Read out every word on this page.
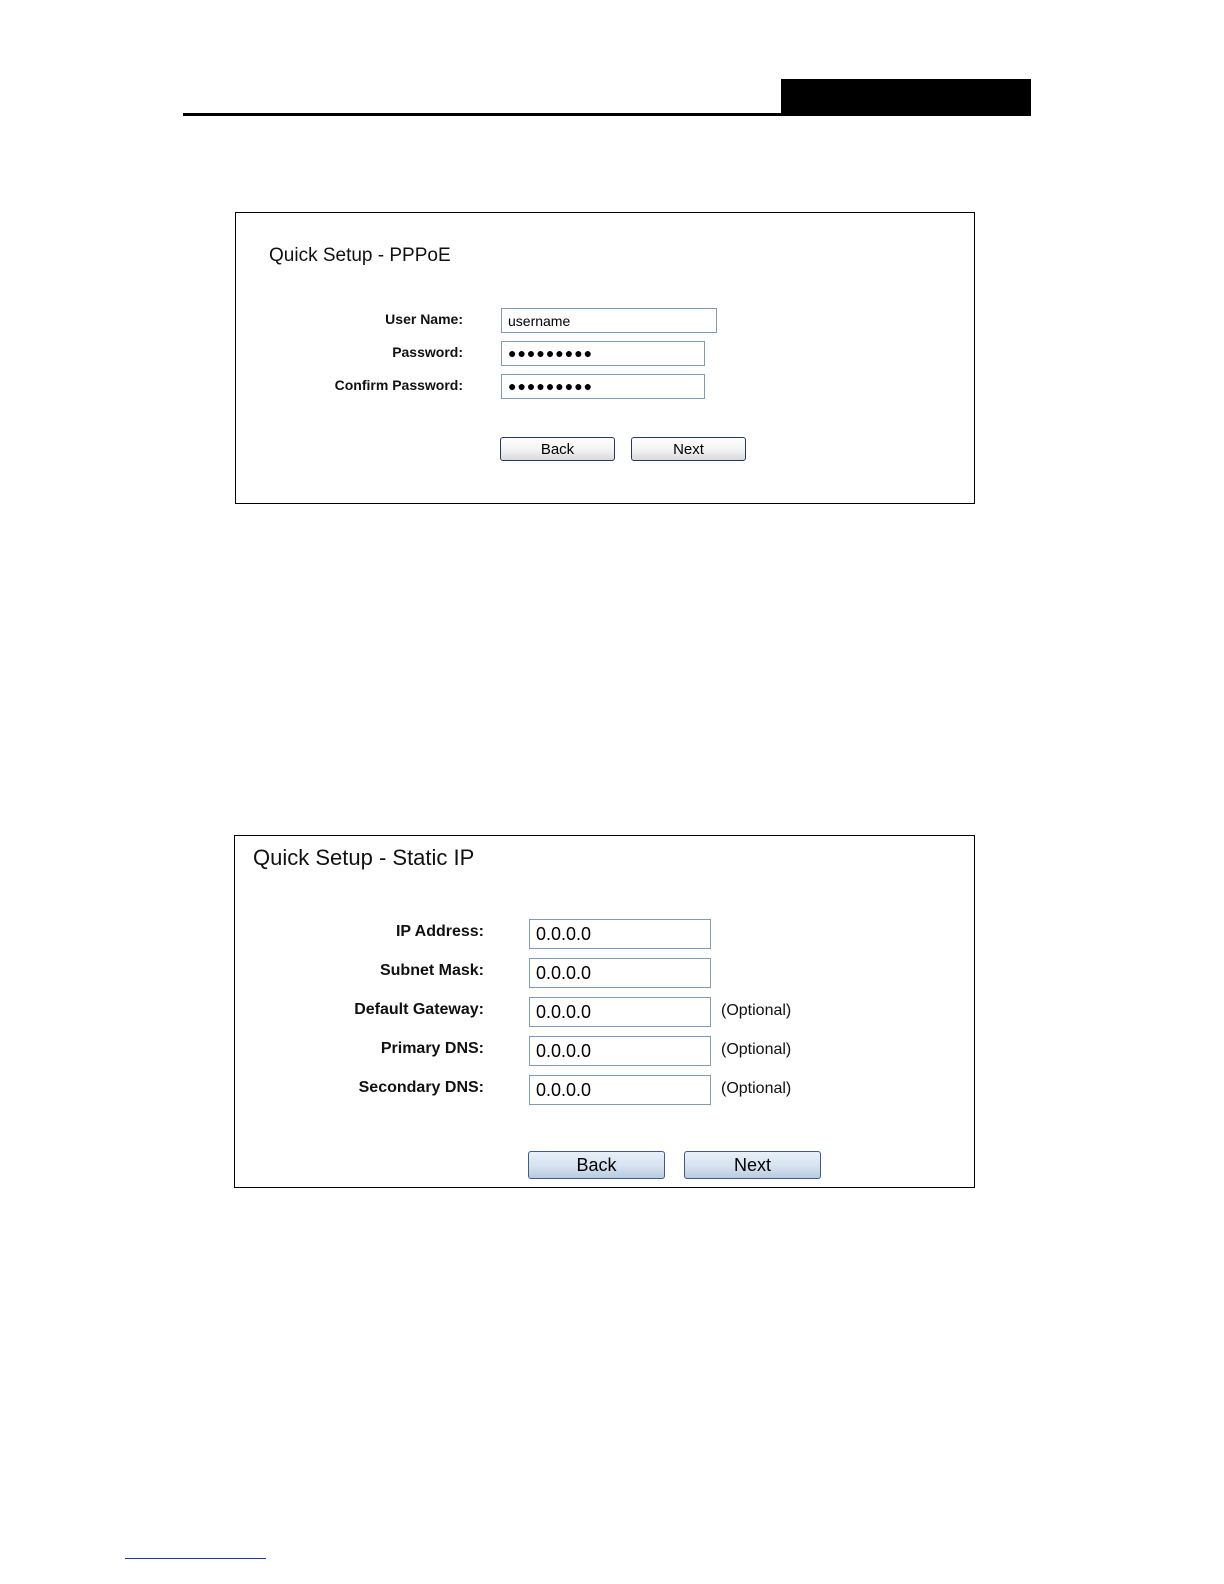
Quick Setup - PPPoE
User Name:
username
Password:	●●●●●●●●●
Confirm Password:	●●●●●●●●●
Back	Next
Quick Setup - Static IP
IP Address:
0.0.0.0
Subnet Mask:
0.0.0.0
Default Gateway:
0.0.0.0	(Optional)
Primary DNS:
0.0.0.0	(Optional)
Secondary DNS:
0.0.0.0	(Optional)
Back	Next
